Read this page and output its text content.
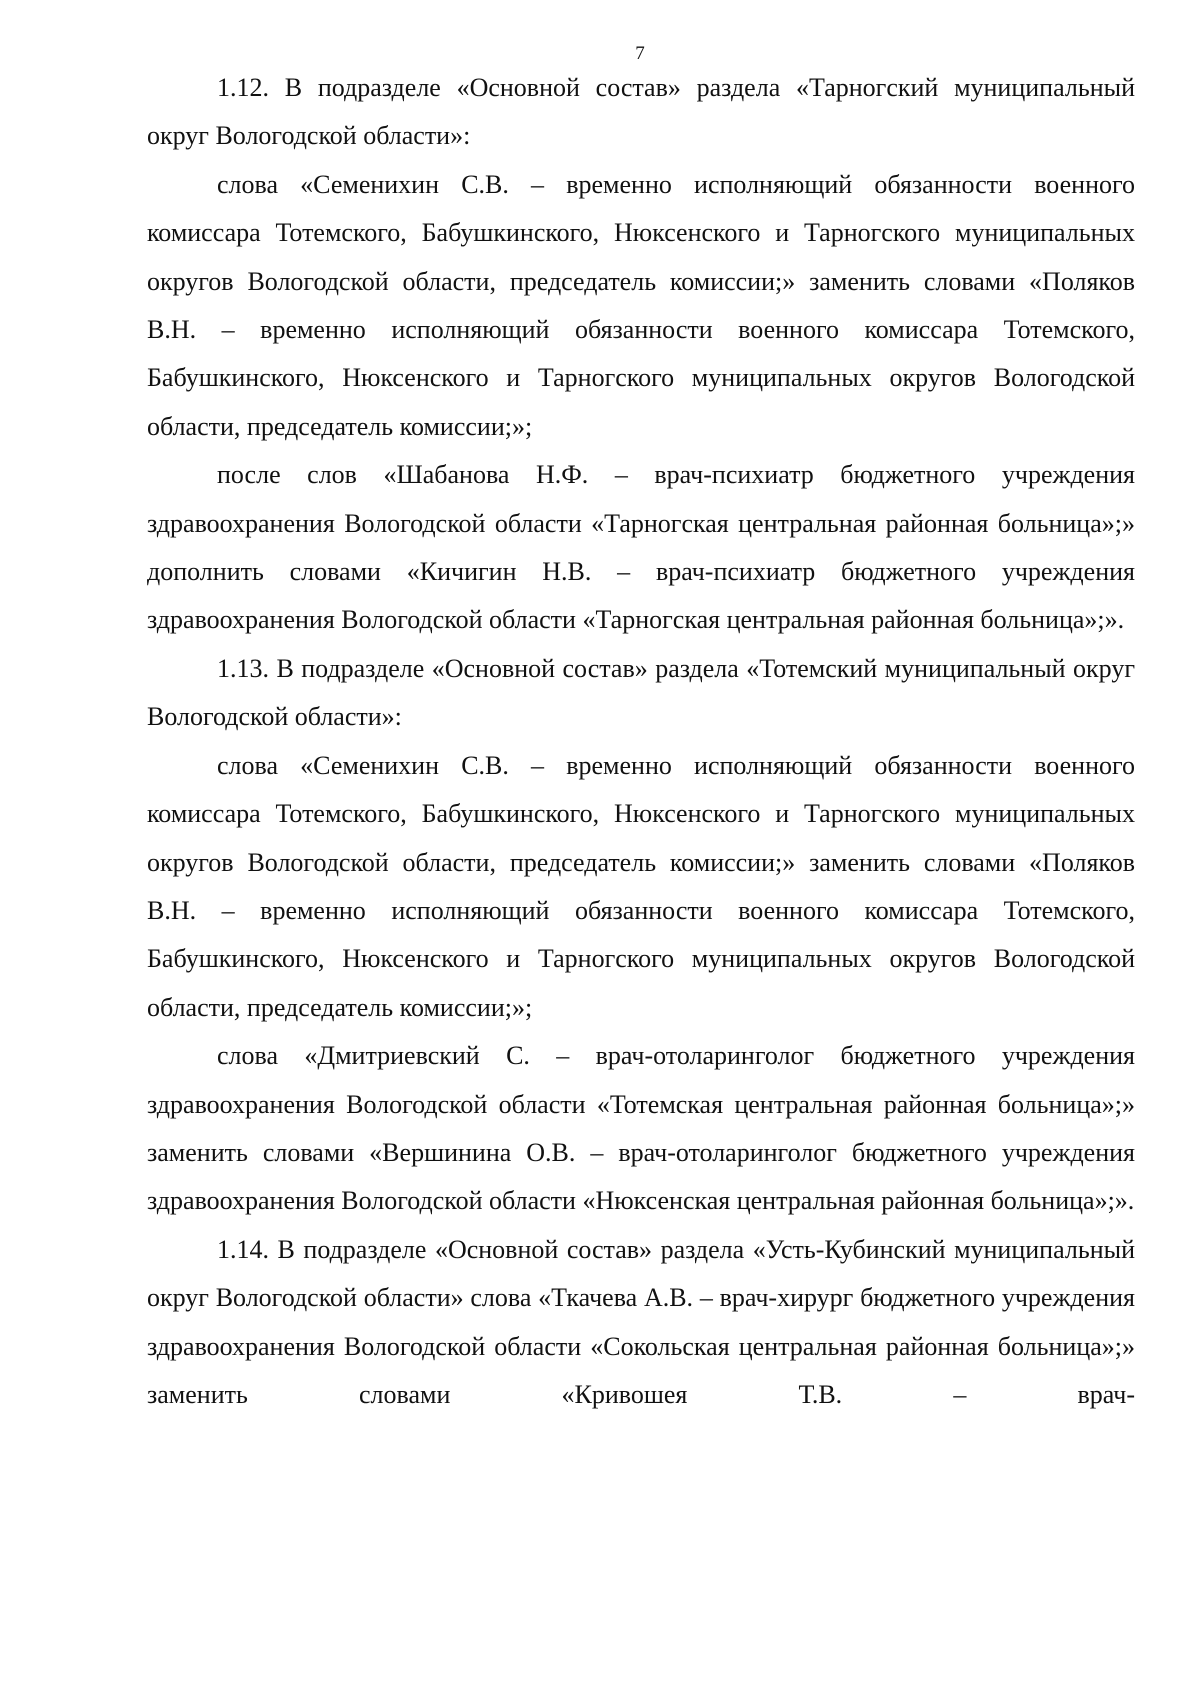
7

1.12. В подразделе «Основной состав» раздела «Тарногский муниципальный округ Вологодской области»:

слова «Семенихин С.В. – временно исполняющий обязанности военного комиссара Тотемского, Бабушкинского, Нюксенского и Тарногского муниципальных округов Вологодской области, председатель комиссии;» заменить словами «Поляков В.Н. – временно исполняющий обязанности военного комиссара Тотемского, Бабушкинского, Нюксенского и Тарногского муниципальных округов Вологодской области, председатель комиссии;»;

после слов «Шабанова Н.Ф. – врач-психиатр бюджетного учреждения здравоохранения Вологодской области «Тарногская центральная районная больница»;» дополнить словами «Кичигин Н.В. – врач-психиатр бюджетного учреждения здравоохранения Вологодской области «Тарногская центральная районная больница»;».

1.13. В подразделе «Основной состав» раздела «Тотемский муниципальный округ Вологодской области»:

слова «Семенихин С.В. – временно исполняющий обязанности военного комиссара Тотемского, Бабушкинского, Нюксенского и Тарногского муниципальных округов Вологодской области, председатель комиссии;» заменить словами «Поляков В.Н. – временно исполняющий обязанности военного комиссара Тотемского, Бабушкинского, Нюксенского и Тарногского муниципальных округов Вологодской области, председатель комиссии;»;

слова «Дмитриевский С. – врач-отоларинголог бюджетного учреждения здравоохранения Вологодской области «Тотемская центральная районная больница»;» заменить словами «Вершинина О.В. – врач-отоларинголог бюджетного учреждения здравоохранения Вологодской области «Нюксенская центральная районная больница»;».

1.14. В подразделе «Основной состав» раздела «Усть-Кубинский муниципальный округ Вологодской области» слова «Ткачева А.В. – врач-хирург бюджетного учреждения здравоохранения Вологодской области «Сокольская центральная районная больница»;» заменить словами «Кривошея Т.В. – врач-
